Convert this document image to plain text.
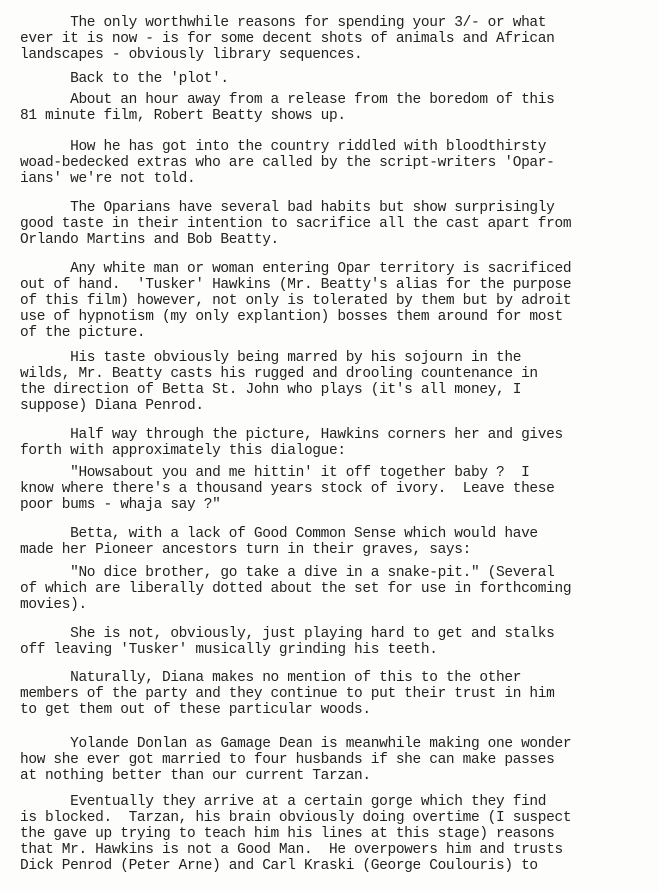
The only worthwhile reasons for spending your 3/- or what
ever it is now - is for some decent shots of animals and African
landscapes - obviously library sequences.
Back to the 'plot'.
About an hour away from a release from the boredom of this
81 minute film, Robert Beatty shows up.
How he has got into the country riddled with bloodthirsty
woad-bedecked extras who are called by the script-writers 'Opar-
ians' we're not told.
The Oparians have several bad habits but show surprisingly
good taste in their intention to sacrifice all the cast apart from
Orlando Martins and Bob Beatty.
Any white man or woman entering Opar territory is sacrificed
out of hand.  'Tusker' Hawkins (Mr. Beatty's alias for the purpose
of this film) however, not only is tolerated by them but by adroit
use of hypnotism (my only explantion) bosses them around for most
of the picture.
His taste obviously being marred by his sojourn in the
wilds, Mr. Beatty casts his rugged and drooling countenance in
the direction of Betta St. John who plays (it's all money, I
suppose) Diana Penrod.
Half way through the picture, Hawkins corners her and gives
forth with approximately this dialogue:
"Howsabout you and me hittin' it off together baby ?  I
know where there's a thousand years stock of ivory.  Leave these
poor bums - whaja say ?"
Betta, with a lack of Good Common Sense which would have
made her Pioneer ancestors turn in their graves, says:
"No dice brother, go take a dive in a snake-pit." (Several
of which are liberally dotted about the set for use in forthcoming
movies).
She is not, obviously, just playing hard to get and stalks
off leaving 'Tusker' musically grinding his teeth.
Naturally, Diana makes no mention of this to the other
members of the party and they continue to put their trust in him
to get them out of these particular woods.
Yolande Donlan as Gamage Dean is meanwhile making one wonder
how she ever got married to four husbands if she can make passes
at nothing better than our current Tarzan.
Eventually they arrive at a certain gorge which they find
is blocked.  Tarzan, his brain obviously doing overtime (I suspect
the gave up trying to teach him his lines at this stage) reasons
that Mr. Hawkins is not a Good Man.  He overpowers him and trusts
Dick Penrod (Peter Arne) and Carl Kraski (George Coulouris) to
